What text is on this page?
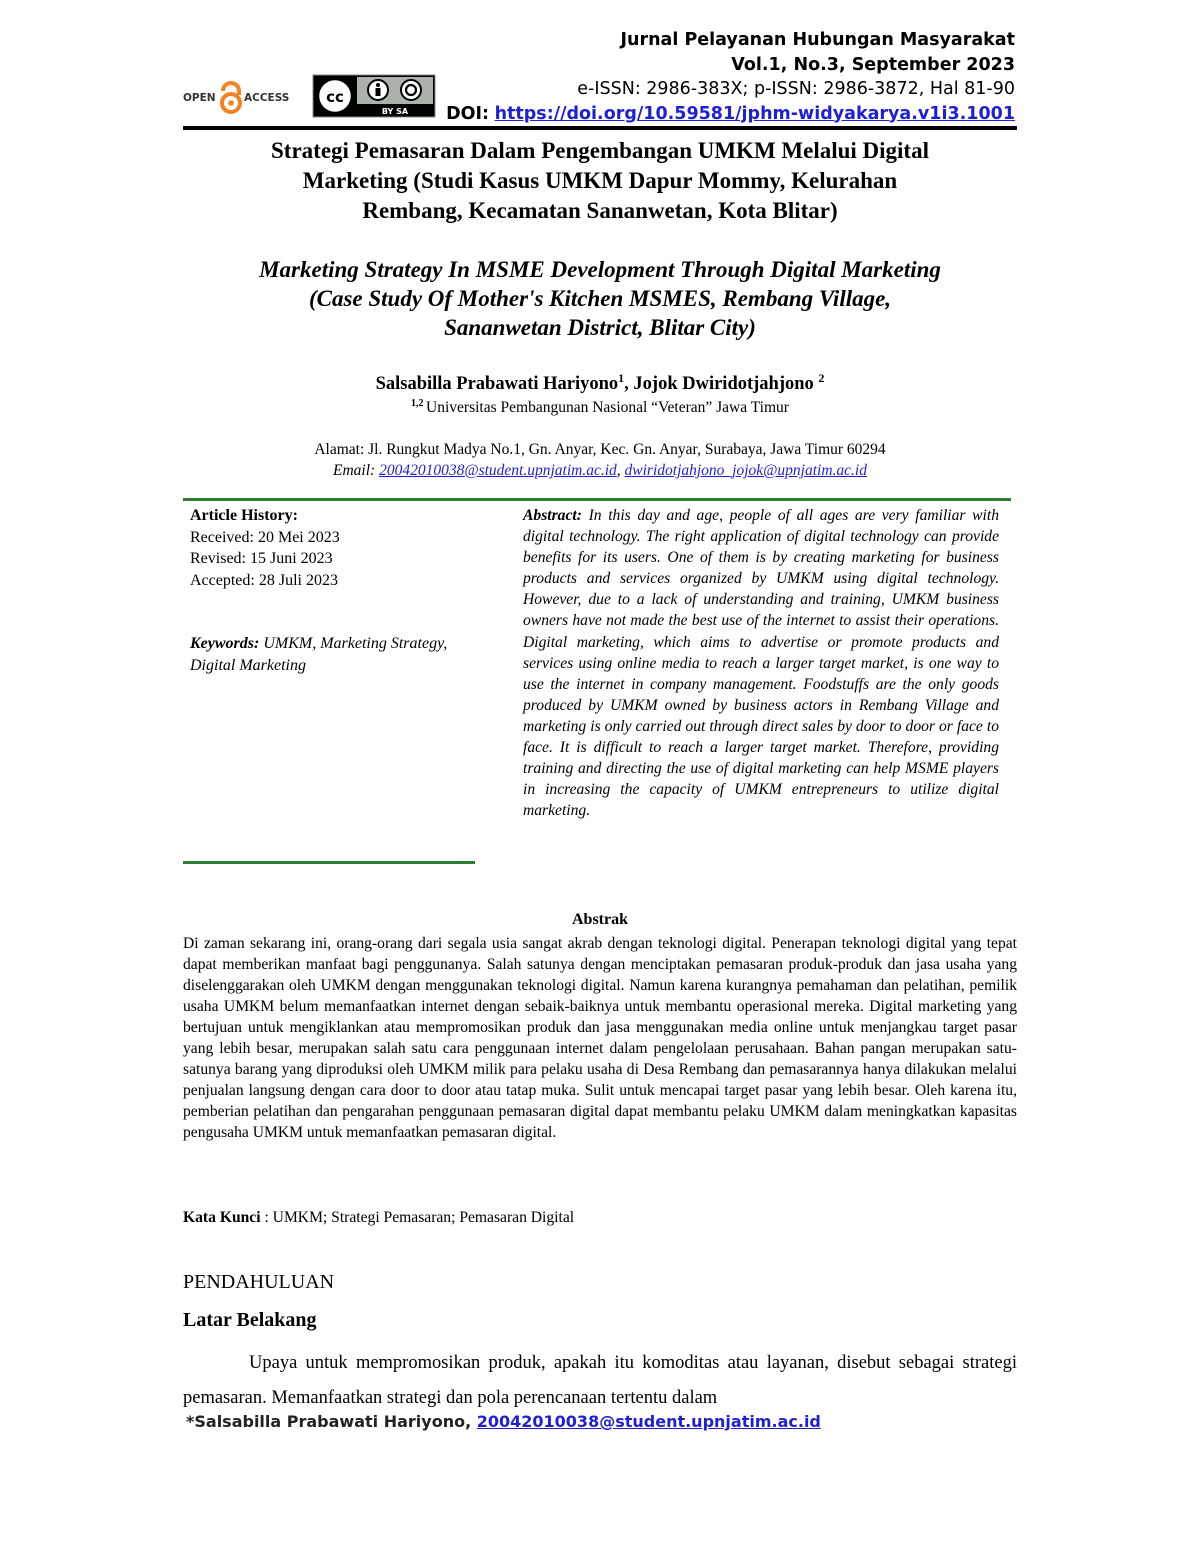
OPEN	ACCESS cc
BY SA
Jurnal Pelayanan Hubungan Masyarakat
Vol.1, No.3, September 2023
e-ISSN: 2986-383X; p-ISSN: 2986-3872, Hal 81-90
DOI: https://doi.org/10.59581/jphm-widyakarya.v1i3.1001
Strategi Pemasaran Dalam Pengembangan UMKM Melalui Digital
Marketing (Studi Kasus UMKM Dapur Mommy, Kelurahan
Rembang, Kecamatan Sananwetan, Kota Blitar)
Marketing Strategy In MSME Development Through Digital Marketing
(Case Study Of Mother's Kitchen MSMES, Rembang Village,
Sananwetan District, Blitar City)
Salsabilla Prabawati Hariyono$^1$, Jojok Dwiridotjahjono $^2$
$^{1,2}$ Universitas Pembangunan Nasional “Veteran” Jawa Timur
Alamat: Jl. Rungkut Madya No.1, Gn. Anyar, Kec. Gn. Anyar, Surabaya, Jawa Timur 60294
Email: 20042010038@student.upnjatim.ac.id, dwiridotjahjono_jojok@upnjatim.ac.id
Article History:
Received: 20 Mei 2023
Revised: 15 Juni 2023
Accepted: 28 Juli 2023
Keywords: UMKM, Marketing Strategy, Digital Marketing
Abstract: In this day and age, people of all ages are very familiar with digital technology. The right application of digital technology can provide benefits for its users. One of them is by creating marketing for business products and services organized by UMKM using digital technology. However, due to a lack of understanding and training, UMKM business owners have not made the best use of the internet to assist their operations. Digital marketing, which aims to advertise or promote products and services using online media to reach a larger target market, is one way to use the internet in company management. Foodstuffs are the only goods produced by UMKM owned by business actors in Rembang Village and marketing is only carried out through direct sales by door to door or face to face. It is difficult to reach a larger target market. Therefore, providing training and directing the use of digital marketing can help MSME players in increasing the capacity of UMKM entrepreneurs to utilize digital marketing.
Abstrak
Di zaman sekarang ini, orang-orang dari segala usia sangat akrab dengan teknologi digital. Penerapan teknologi digital yang tepat dapat memberikan manfaat bagi penggunanya. Salah satunya dengan menciptakan pemasaran produk-produk dan jasa usaha yang diselenggarakan oleh UMKM dengan menggunakan teknologi digital. Namun karena kurangnya pemahaman dan pelatihan, pemilik usaha UMKM belum memanfaatkan internet dengan sebaik-baiknya untuk membantu operasional mereka. Digital marketing yang bertujuan untuk mengiklankan atau mempromosikan produk dan jasa menggunakan media online untuk menjangkau target pasar yang lebih besar, merupakan salah satu cara penggunaan internet dalam pengelolaan perusahaan. Bahan pangan merupakan satu-satunya barang yang diproduksi oleh UMKM milik para pelaku usaha di Desa Rembang dan pemasarannya hanya dilakukan melalui penjualan langsung dengan cara door to door atau tatap muka. Sulit untuk mencapai target pasar yang lebih besar. Oleh karena itu, pemberian pelatihan dan pengarahan penggunaan pemasaran digital dapat membantu pelaku UMKM dalam meningkatkan kapasitas pengusaha UMKM untuk memanfaatkan pemasaran digital.
Kata Kunci : UMKM; Strategi Pemasaran; Pemasaran Digital
PENDAHULUAN
Latar Belakang
Upaya untuk mempromosikan produk, apakah itu komoditas atau layanan, disebut sebagai strategi pemasaran. Memanfaatkan strategi dan pola perencanaan tertentu dalam
*Salsabilla Prabawati Hariyono, 20042010038@student.upnjatim.ac.id
